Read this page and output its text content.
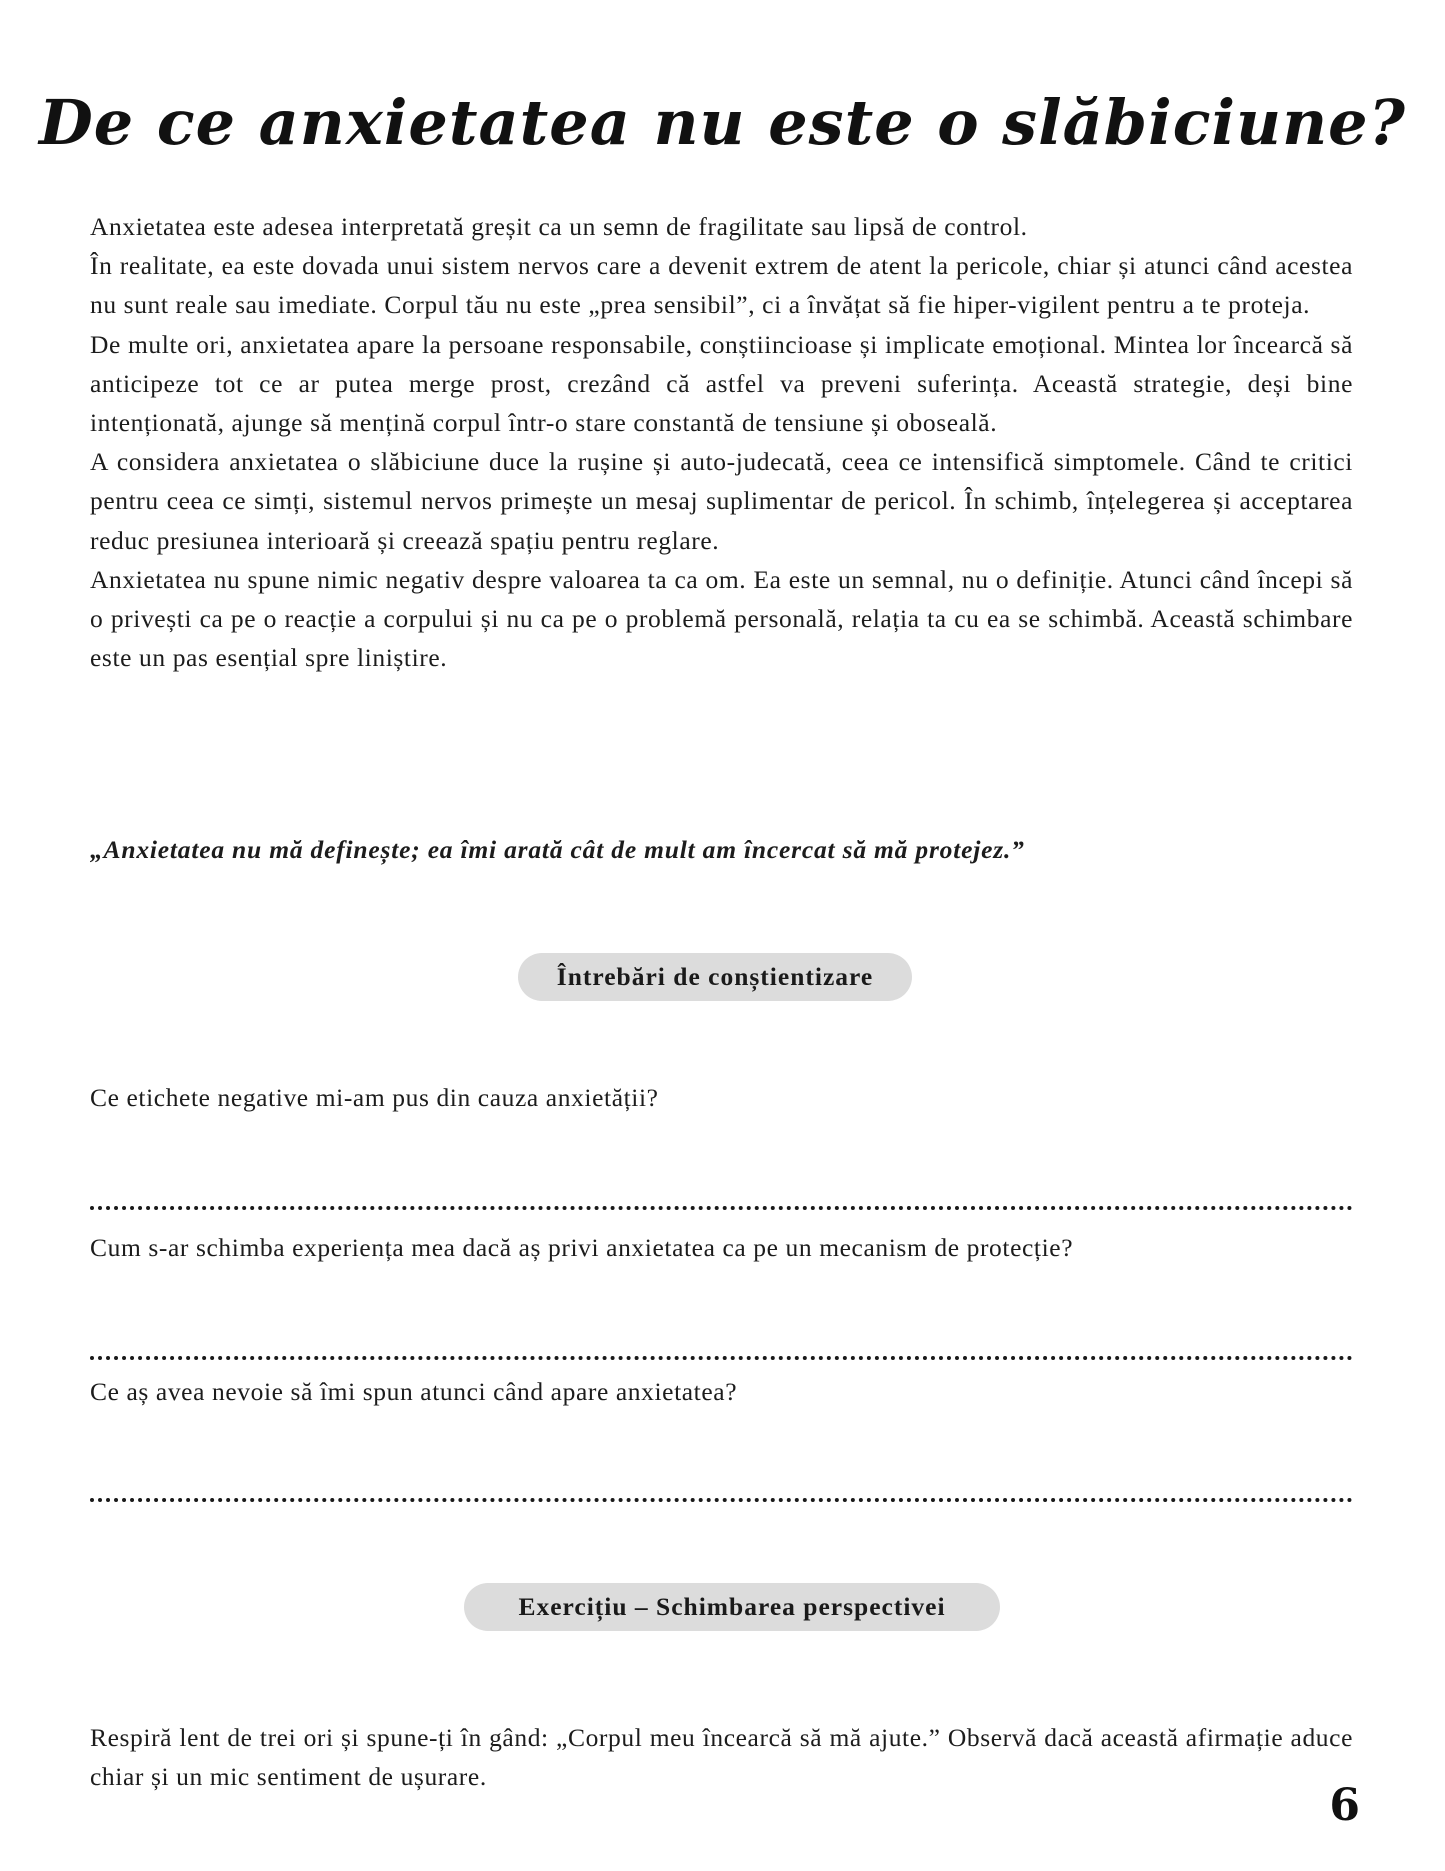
De ce anxietatea nu este o slăbiciune?

Anxietatea este adesea interpretată greșit ca un semn de fragilitate sau lipsă de control.

În realitate, ea este dovada unui sistem nervos care a devenit extrem de atent la pericole, chiar și atunci când acestea nu sunt reale sau imediate. Corpul tău nu este „prea sensibil”, ci a învățat să fie hiper-vigilent pentru a te proteja.

De multe ori, anxietatea apare la persoane responsabile, conștiincioase și implicate emoțional. Mintea lor încearcă să anticipeze tot ce ar putea merge prost, crezând că astfel va preveni suferința. Această strategie, deși bine intenționată, ajunge să mențină corpul într-o stare constantă de tensiune și oboseală.

A considera anxietatea o slăbiciune duce la rușine și auto-judecată, ceea ce intensifică simptomele. Când te critici pentru ceea ce simți, sistemul nervos primește un mesaj suplimentar de pericol. În schimb, înțelegerea și acceptarea reduc presiunea interioară și creează spațiu pentru reglare.

Anxietatea nu spune nimic negativ despre valoarea ta ca om. Ea este un semnal, nu o definiție. Atunci când începi să o privești ca pe o reacție a corpului și nu ca pe o problemă personală, relația ta cu ea se schimbă. Această schimbare este un pas esențial spre liniștire.

„Anxietatea nu mă definește; ea îmi arată cât de mult am încercat să mă protejez.”

Întrebări de conștientizare

Ce etichete negative mi-am pus din cauza anxietății?

Cum s-ar schimba experiența mea dacă aș privi anxietatea ca pe un mecanism de protecție?

Ce aș avea nevoie să îmi spun atunci când apare anxietatea?

Exercițiu – Schimbarea perspectivei

Respiră lent de trei ori și spune-ți în gând: „Corpul meu încearcă să mă ajute.” Observă dacă această afirmație aduce chiar și un mic sentiment de ușurare.

6
